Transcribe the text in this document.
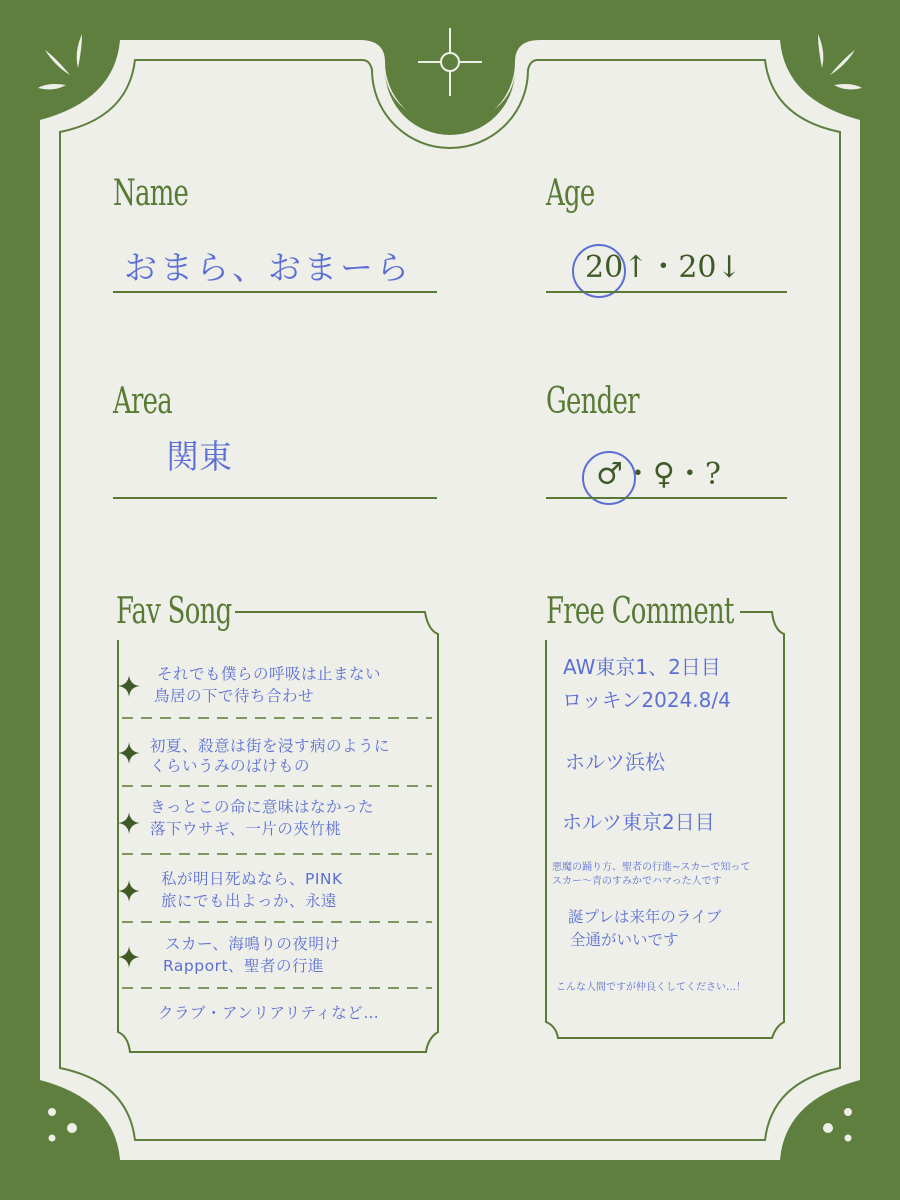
Name
おまら、おまーら
Age
20↑・20↓
Area
関東
Gender
♂・♀・?
Fav Song
それでも僕らの呼吸は止まない
鳥居の下で待ち合わせ
初夏、殺意は街を浸す病のように
くらいうみのばけもの
きっとこの命に意味はなかった
落下ウサギ、一片の夾竹桃
私が明日死ぬなら、PINK
旅にでも出よっか、永遠
スカー、海鳴りの夜明け
Rapport、聖者の行進
クラブ・アンリアリティなど…
Free Comment
AW東京1、2日目
ロッキン2024.8/4
ホルツ浜松
ホルツ東京2日目
悪魔の踊り方、聖者の行進~スカーで知って
スカー〜青のすみかでハマった人です
誕プレは来年のライブ
全通がいいです
こんな人間ですが仲良くしてください…！
